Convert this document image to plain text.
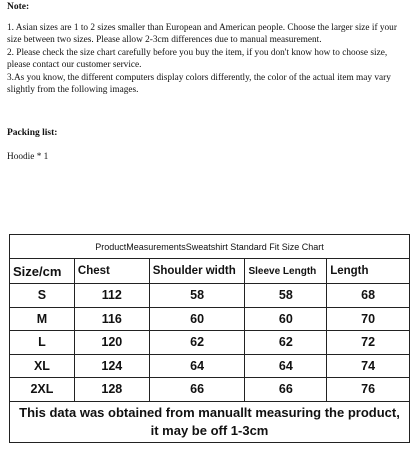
Note:

1. Asian sizes are 1 to 2 sizes smaller than European and American people. Choose the larger size if your size between two sizes. Please allow 2-3cm differences due to manual measurement.

2. Please check the size chart carefully before you buy the item, if you don't know how to choose size, please contact our customer service.

3.As you know, the different computers display colors differently, the color of the actual item may vary slightly from the following images.

Packing list:
Hoodie * 1
ProductMeasurementsSweatshirt Standard Fit Size Chart				
Size/cm	Chest	Shoulder width	Sleeve Length	Length
S	112	58	58	68
M	116	60	60	70
L	120	62	62	72
XL	124	64	64	74
2XL	128	66	66	76

This data was obtained from manuallt measuring the product,
it may be off 1-3cm				
